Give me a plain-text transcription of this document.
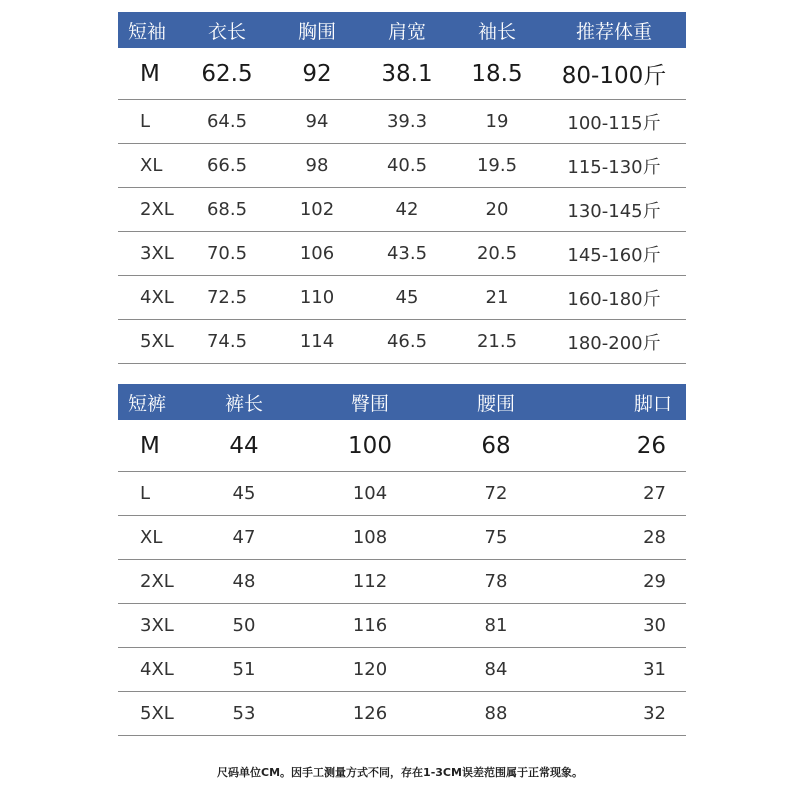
短袖	衣长	胸围	肩宽	袖长	推荐体重
M	62.5	92	38.1	18.5	80-100斤
L	64.5	94	39.3	19	100-115斤
XL	66.5	98	40.5	19.5	115-130斤
2XL	68.5	102	42	20	130-145斤
3XL	70.5	106	43.5	20.5	145-160斤
4XL	72.5	110	45	21	160-180斤
5XL	74.5	114	46.5	21.5	180-200斤
短裤	裤长	臀围	腰围	脚口
M	44	100	68	26
L	45	104	72	27
XL	47	108	75	28
2XL	48	112	78	29
3XL	50	116	81	30
4XL	51	120	84	31
5XL	53	126	88	32
尺码单位CM。因手工测量方式不同，存在1-3CM误差范围属于正常现象。
